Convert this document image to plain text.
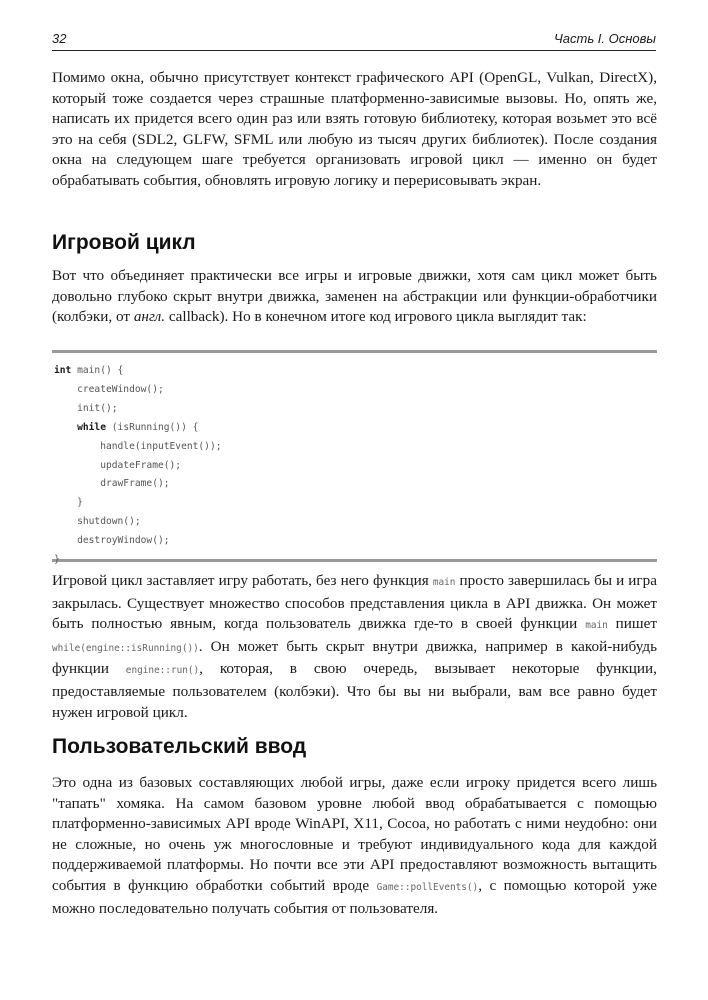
32	Часть I. Основы

Помимо окна, обычно присутствует контекст графического API (OpenGL, Vulkan, DirectX), который тоже создается через страшные платформенно-зависимые вызовы. Но, опять же, написать их придется всего один раз или взять готовую библиотеку, которая возьмет это всё это на себя (SDL2, GLFW, SFML или любую из тысяч других библиотек). После создания окна на следующем шаге требуется организовать игровой цикл — именно он будет обрабатывать события, обновлять игровую логику и перерисовывать экран.

Игровой цикл

Вот что объединяет практически все игры и игровые движки, хотя сам цикл может быть довольно глубоко скрыт внутри движка, заменен на абстракции или функции-обработчики (колбэки, от англ. callback). Но в конечном итоге код игрового цикла выглядит так:

int main() {
createWindow();
init();
while (isRunning()) {
handle(inputEvent());
updateFrame();
drawFrame();
}
shutdown();
destroyWindow();
}

Игровой цикл заставляет игру работать, без него функция main просто завершилась бы и игра закрылась. Существует множество способов представления цикла в API движка. Он может быть полностью явным, когда пользователь движка где-то в своей функции main пишет while(engine::isRunning()). Он может быть скрыт внутри движка, например в какой-нибудь функции engine::run(), которая, в свою очередь, вызывает некоторые функции, предоставляемые пользователем (колбэки). Что бы вы ни выбрали, вам все равно будет нужен игровой цикл.

Пользовательский ввод

Это одна из базовых составляющих любой игры, даже если игроку придется всего лишь "тапать" хомяка. На самом базовом уровне любой ввод обрабатывается с помощью платформенно-зависимых API вроде WinAPI, X11, Cocoa, но работать с ними неудобно: они не сложные, но очень уж многословные и требуют индивидуального кода для каждой поддерживаемой платформы. Но почти все эти API предоставляют возможность вытащить события в функцию обработки событий вроде Game::pollEvents(), с помощью которой уже можно последовательно получать события от пользователя.
